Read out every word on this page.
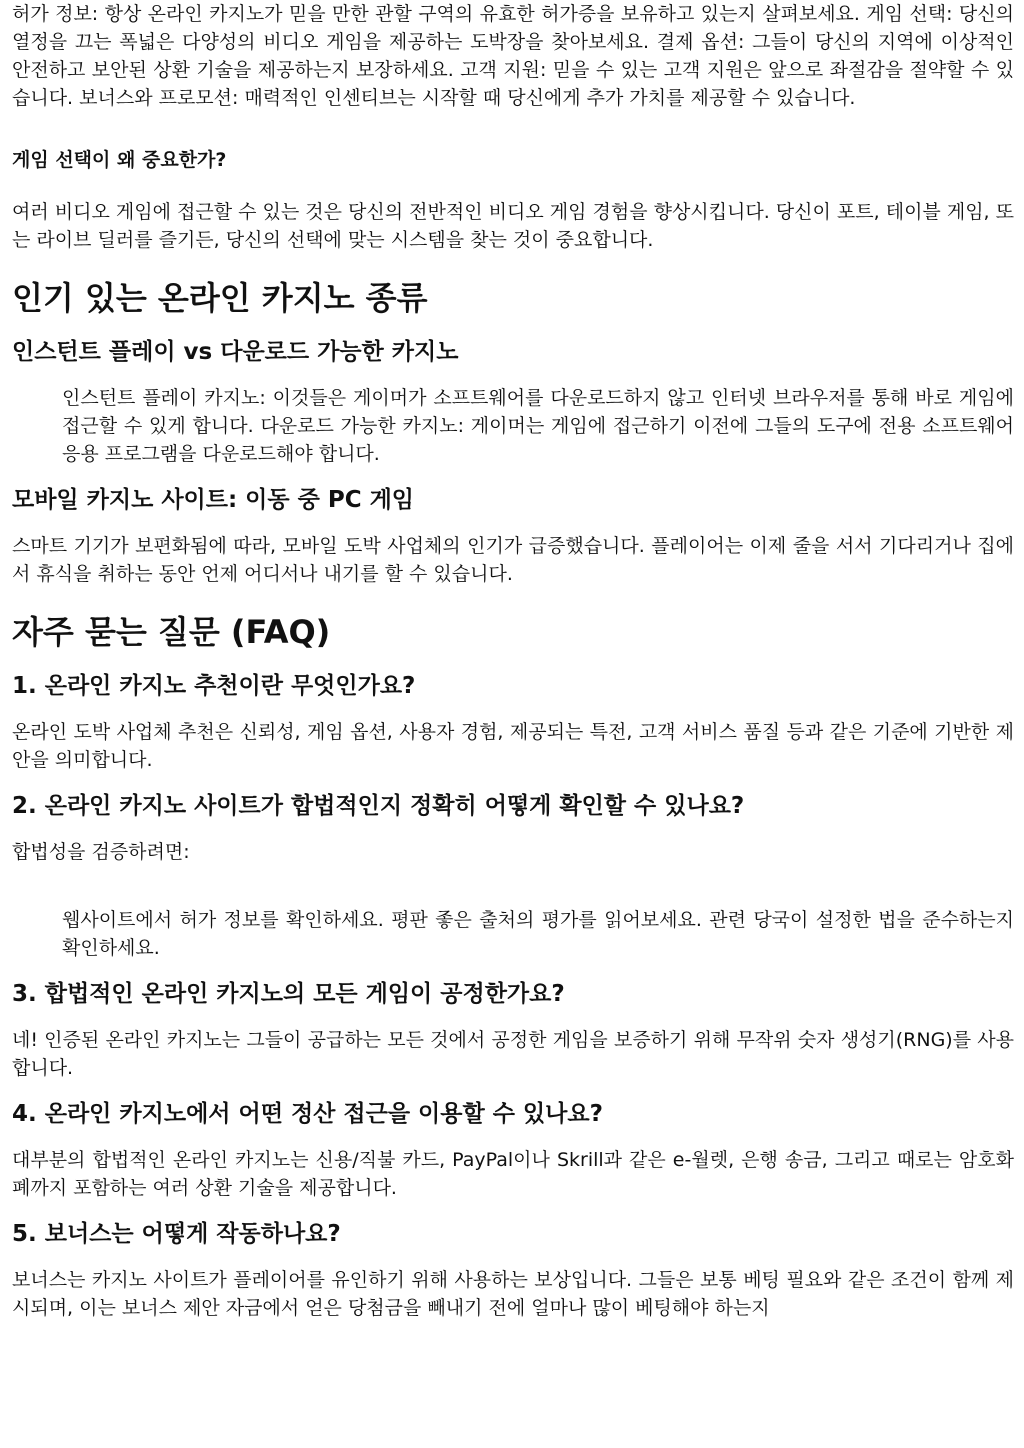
허가 정보: 항상 온라인 카지노가 믿을 만한 관할 구역의 유효한 허가증을 보유하고 있는지 살펴보세요. 게임 선택: 당신의 열정을 끄는 폭넓은 다양성의 비디오 게임을 제공하는 도박장을 찾아보세요. 결제 옵션: 그들이 당신의 지역에 이상적인 안전하고 보안된 상환 기술을 제공하는지 보장하세요. 고객 지원: 믿을 수 있는 고객 지원은 앞으로 좌절감을 절약할 수 있습니다. 보너스와 프로모션: 매력적인 인센티브는 시작할 때 당신에게 추가 가치를 제공할 수 있습니다.

게임 선택이 왜 중요한가?

여러 비디오 게임에 접근할 수 있는 것은 당신의 전반적인 비디오 게임 경험을 향상시킵니다. 당신이 포트, 테이블 게임, 또는 라이브 딜러를 즐기든, 당신의 선택에 맞는 시스템을 찾는 것이 중요합니다.

인기 있는 온라인 카지노 종류
인스턴트 플레이 vs 다운로드 가능한 카지노

인스턴트 플레이 카지노: 이것들은 게이머가 소프트웨어를 다운로드하지 않고 인터넷 브라우저를 통해 바로 게임에 접근할 수 있게 합니다. 다운로드 가능한 카지노: 게이머는 게임에 접근하기 이전에 그들의 도구에 전용 소프트웨어 응용 프로그램을 다운로드해야 합니다.

모바일 카지노 사이트: 이동 중 PC 게임

스마트 기기가 보편화됨에 따라, 모바일 도박 사업체의 인기가 급증했습니다. 플레이어는 이제 줄을 서서 기다리거나 집에서 휴식을 취하는 동안 언제 어디서나 내기를 할 수 있습니다.

자주 묻는 질문 (FAQ)
1. 온라인 카지노 추천이란 무엇인가요?

온라인 도박 사업체 추천은 신뢰성, 게임 옵션, 사용자 경험, 제공되는 특전, 고객 서비스 품질 등과 같은 기준에 기반한 제안을 의미합니다.

2. 온라인 카지노 사이트가 합법적인지 정확히 어떻게 확인할 수 있나요?

합법성을 검증하려면:

웹사이트에서 허가 정보를 확인하세요. 평판 좋은 출처의 평가를 읽어보세요. 관련 당국이 설정한 법을 준수하는지 확인하세요.

3. 합법적인 온라인 카지노의 모든 게임이 공정한가요?

네! 인증된 온라인 카지노는 그들이 공급하는 모든 것에서 공정한 게임을 보증하기 위해 무작위 숫자 생성기(RNG)를 사용합니다.

4. 온라인 카지노에서 어떤 정산 접근을 이용할 수 있나요?

대부분의 합법적인 온라인 카지노는 신용/직불 카드, PayPal이나 Skrill과 같은 e-월렛, 은행 송금, 그리고 때로는 암호화폐까지 포함하는 여러 상환 기술을 제공합니다.

5. 보너스는 어떻게 작동하나요?

보너스는 카지노 사이트가 플레이어를 유인하기 위해 사용하는 보상입니다. 그들은 보통 베팅 필요와 같은 조건이 함께 제시되며, 이는 보너스 제안 자금에서 얻은 당첨금을 빼내기 전에 얼마나 많이 베팅해야 하는지
